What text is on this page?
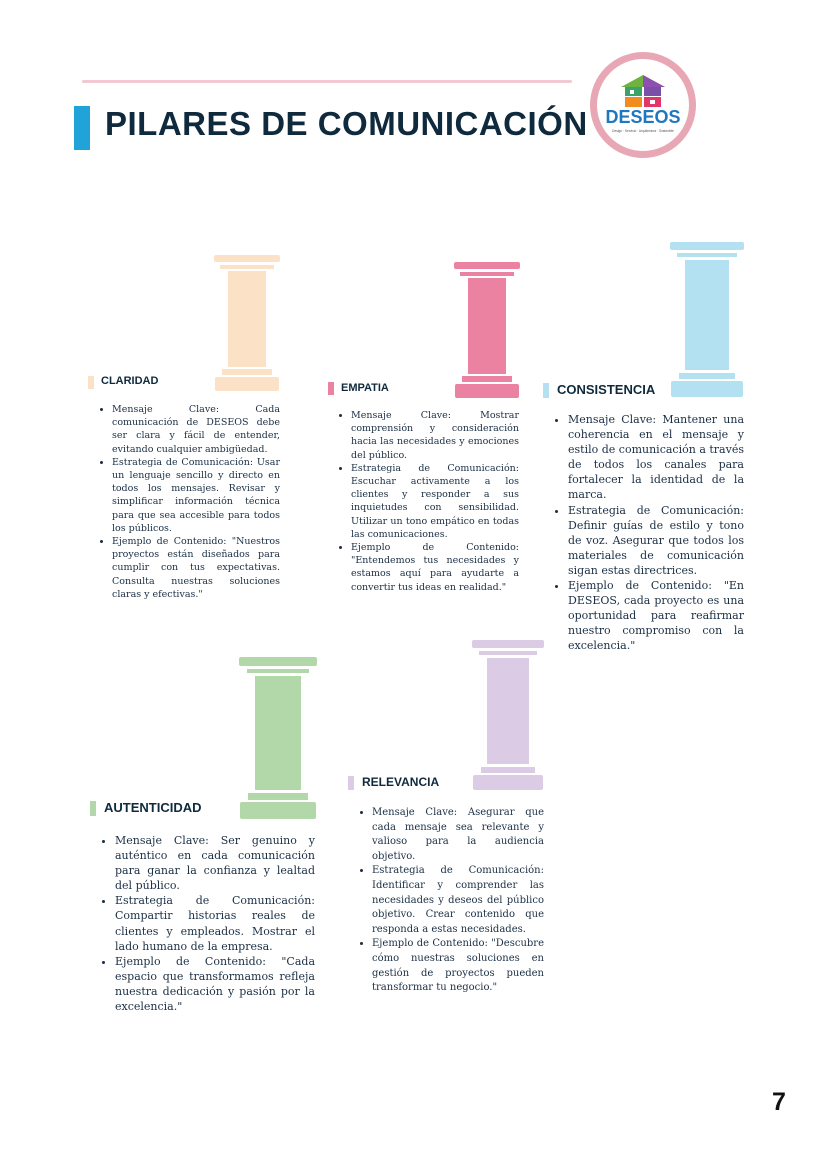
PILARES DE COMUNICACIÓN DESEOS
Design · Servicio · Arquitectura · Sostenible
CLARIDAD
• Mensaje Clave: Cada comunicación de DESEOS debe ser clara y fácil de entender, evitando cualquier ambigüedad.
• Estrategia de Comunicación: Usar un lenguaje sencillo y directo en todos los mensajes. Revisar y simplificar información técnica para que sea accesible para todos los públicos.
• Ejemplo de Contenido: "Nuestros proyectos están diseñados para cumplir con tus expectativas. Consulta nuestras soluciones claras y efectivas."
EMPATIA
• Mensaje Clave: Mostrar comprensión y consideración hacia las necesidades y emociones del público.
• Estrategia de Comunicación: Escuchar activamente a los clientes y responder a sus inquietudes con sensibilidad. Utilizar un tono empático en todas las comunicaciones.
• Ejemplo de Contenido: "Entendemos tus necesidades y estamos aquí para ayudarte a convertir tus ideas en realidad."
CONSISTENCIA
• Mensaje Clave: Mantener una coherencia en el mensaje y estilo de comunicación a través de todos los canales para fortalecer la identidad de la marca.
• Estrategia de Comunicación: Definir guías de estilo y tono de voz. Asegurar que todos los materiales de comunicación sigan estas directrices.
• Ejemplo de Contenido: "En DESEOS, cada proyecto es una oportunidad para reafirmar nuestro compromiso con la excelencia."
AUTENTICIDAD
• Mensaje Clave: Ser genuino y auténtico en cada comunicación para ganar la confianza y lealtad del público.
• Estrategia de Comunicación: Compartir historias reales de clientes y empleados. Mostrar el lado humano de la empresa.
• Ejemplo de Contenido: "Cada espacio que transformamos refleja nuestra dedicación y pasión por la excelencia."
RELEVANCIA
• Mensaje Clave: Asegurar que cada mensaje sea relevante y valioso para la audiencia objetivo.
• Estrategia de Comunicación: Identificar y comprender las necesidades y deseos del público objetivo. Crear contenido que responda a estas necesidades.
• Ejemplo de Contenido: "Descubre cómo nuestras soluciones en gestión de proyectos pueden transformar tu negocio."
7
